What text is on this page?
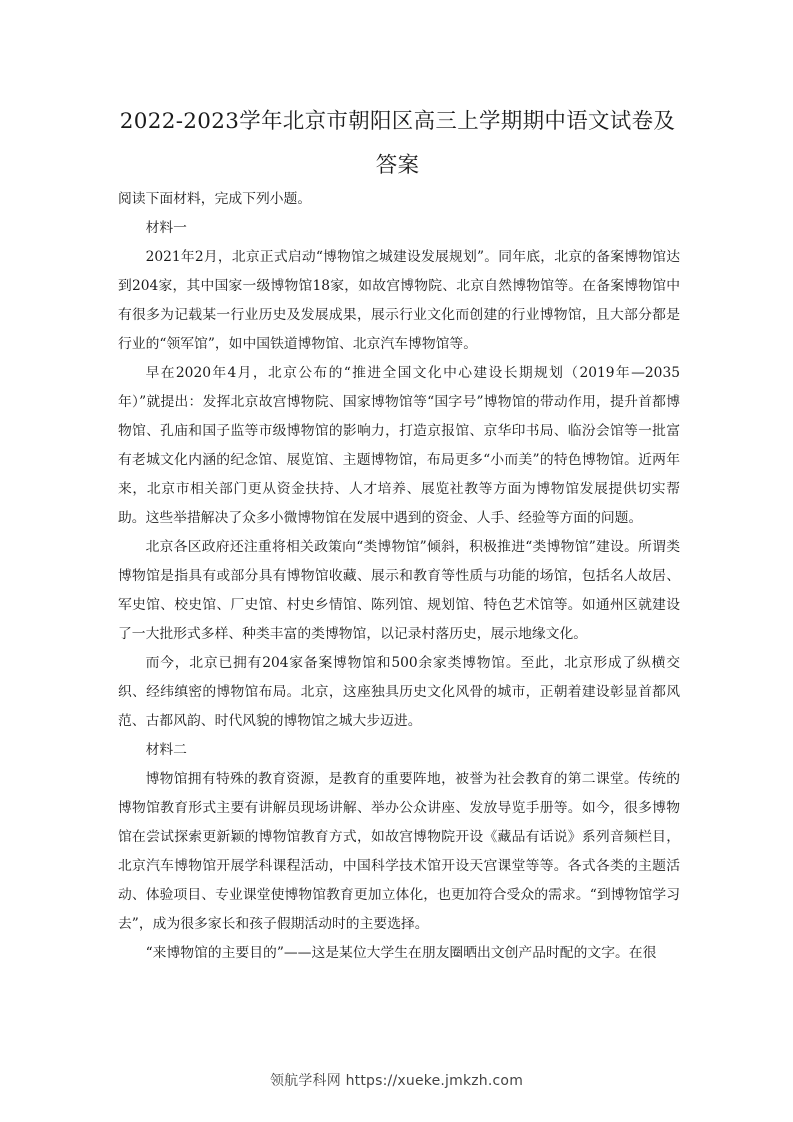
2022-2023学年北京市朝阳区高三上学期期中语文试卷及答案

阅读下面材料，完成下列小题。

材料一

2021年2月，北京正式启动“博物馆之城建设发展规划”。同年底，北京的备案博物馆达到204家，其中国家一级博物馆18家，如故宫博物院、北京自然博物馆等。在备案博物馆中有很多为记载某一行业历史及发展成果，展示行业文化而创建的行业博物馆，且大部分都是行业的“领军馆”，如中国铁道博物馆、北京汽车博物馆等。

早在2020年4月，北京公布的“推进全国文化中心建设长期规划（2019年—2035年）”就提出：发挥北京故宫博物院、国家博物馆等“国字号”博物馆的带动作用，提升首都博物馆、孔庙和国子监等市级博物馆的影响力，打造京报馆、京华印书局、临汾会馆等一批富有老城文化内涵的纪念馆、展览馆、主题博物馆，布局更多“小而美”的特色博物馆。近两年来，北京市相关部门更从资金扶持、人才培养、展览社教等方面为博物馆发展提供切实帮助。这些举措解决了众多小微博物馆在发展中遇到的资金、人手、经验等方面的问题。

北京各区政府还注重将相关政策向“类博物馆”倾斜，积极推进“类博物馆”建设。所谓类博物馆是指具有或部分具有博物馆收藏、展示和教育等性质与功能的场馆，包括名人故居、军史馆、校史馆、厂史馆、村史乡情馆、陈列馆、规划馆、特色艺术馆等。如通州区就建设了一大批形式多样、种类丰富的类博物馆，以记录村落历史，展示地缘文化。

而今，北京已拥有204家备案博物馆和500余家类博物馆。至此，北京形成了纵横交织、经纬缜密的博物馆布局。北京，这座独具历史文化风骨的城市，正朝着建设彰显首都风范、古都风韵、时代风貌的博物馆之城大步迈进。

材料二

博物馆拥有特殊的教育资源，是教育的重要阵地，被誉为社会教育的第二课堂。传统的博物馆教育形式主要有讲解员现场讲解、举办公众讲座、发放导览手册等。如今，很多博物馆在尝试探索更新颖的博物馆教育方式，如故宫博物院开设《藏品有话说》系列音频栏目，北京汽车博物馆开展学科课程活动，中国科学技术馆开设天宫课堂等等。各式各类的主题活动、体验项目、专业课堂使博物馆教育更加立体化，也更加符合受众的需求。“到博物馆学习去”，成为很多家长和孩子假期活动时的主要选择。

“来博物馆的主要目的”——这是某位大学生在朋友圈晒出文创产品时配的文字。在很

领航学科网 https://xueke.jmkzh.com
